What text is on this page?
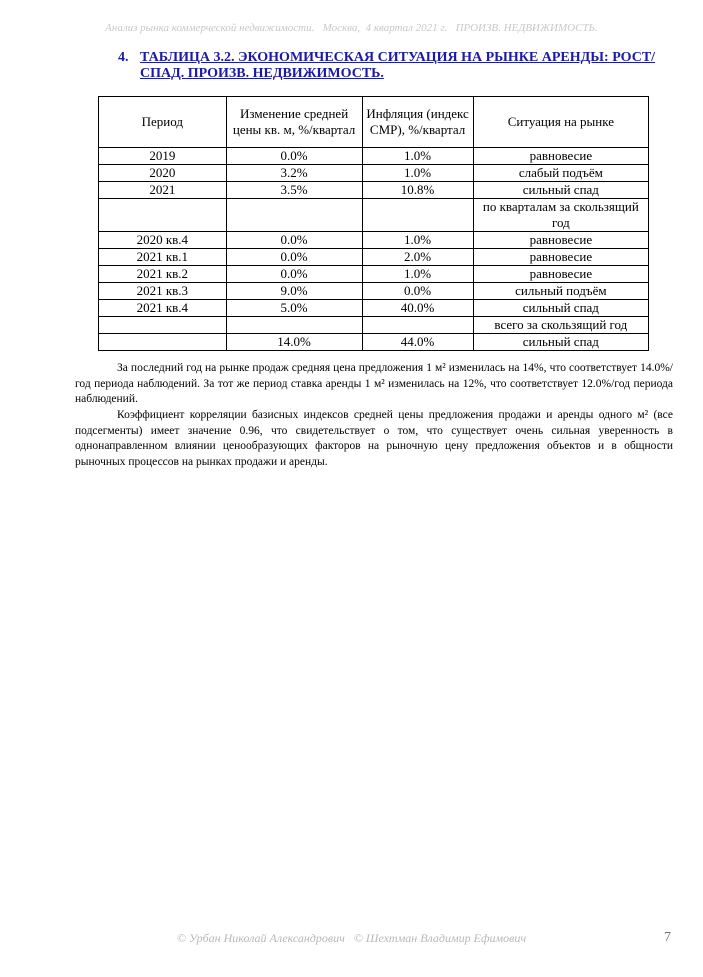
Анализ рынка коммерческой недвижимости.   Москва,  4 квартал 2021 г.   ПРОИЗВ. НЕДВИЖИМОСТЬ.
4. ТАБЛИЦА 3.2. ЭКОНОМИЧЕСКАЯ СИТУАЦИЯ НА РЫНКЕ АРЕНДЫ: РОСТ/СПАД. ПРОИЗВ. НЕДВИЖИМОСТЬ.
Период	Изменение средней цены кв. м, %/квартал	Инфляция (индекс СМР), %/квартал	Ситуация на рынке
2019	0.0%	1.0%	равновесие
2020	3.2%	1.0%	слабый подъём
2021	3.5%	10.8%	сильный спад
			по кварталам за скользящий год
2020 кв.4	0.0%	1.0%	равновесие
2021 кв.1	0.0%	2.0%	равновесие
2021 кв.2	0.0%	1.0%	равновесие
2021 кв.3	9.0%	0.0%	сильный подъём
2021 кв.4	5.0%	40.0%	сильный спад
			всего за скользящий год
	14.0%	44.0%	сильный спад

За последний год на рынке продаж средняя цена предложения 1 м² изменилась на 14%, что соответствует 14.0%/год периода наблюдений. За тот же период ставка аренды 1 м² изменилась на 12%, что соответствует 12.0%/год периода наблюдений.

Коэффициент корреляции базисных индексов средней цены предложения продажи и аренды одного м² (все подсегменты) имеет значение 0.96, что свидетельствует о том, что существует очень сильная уверенность в однонаправленном влиянии ценообразующих факторов на рыночную цену предложения объектов и в общности рыночных процессов на рынках продажи и аренды.

© Урбан Николай Александрович   © Шехтман Владимир Ефимович	7
